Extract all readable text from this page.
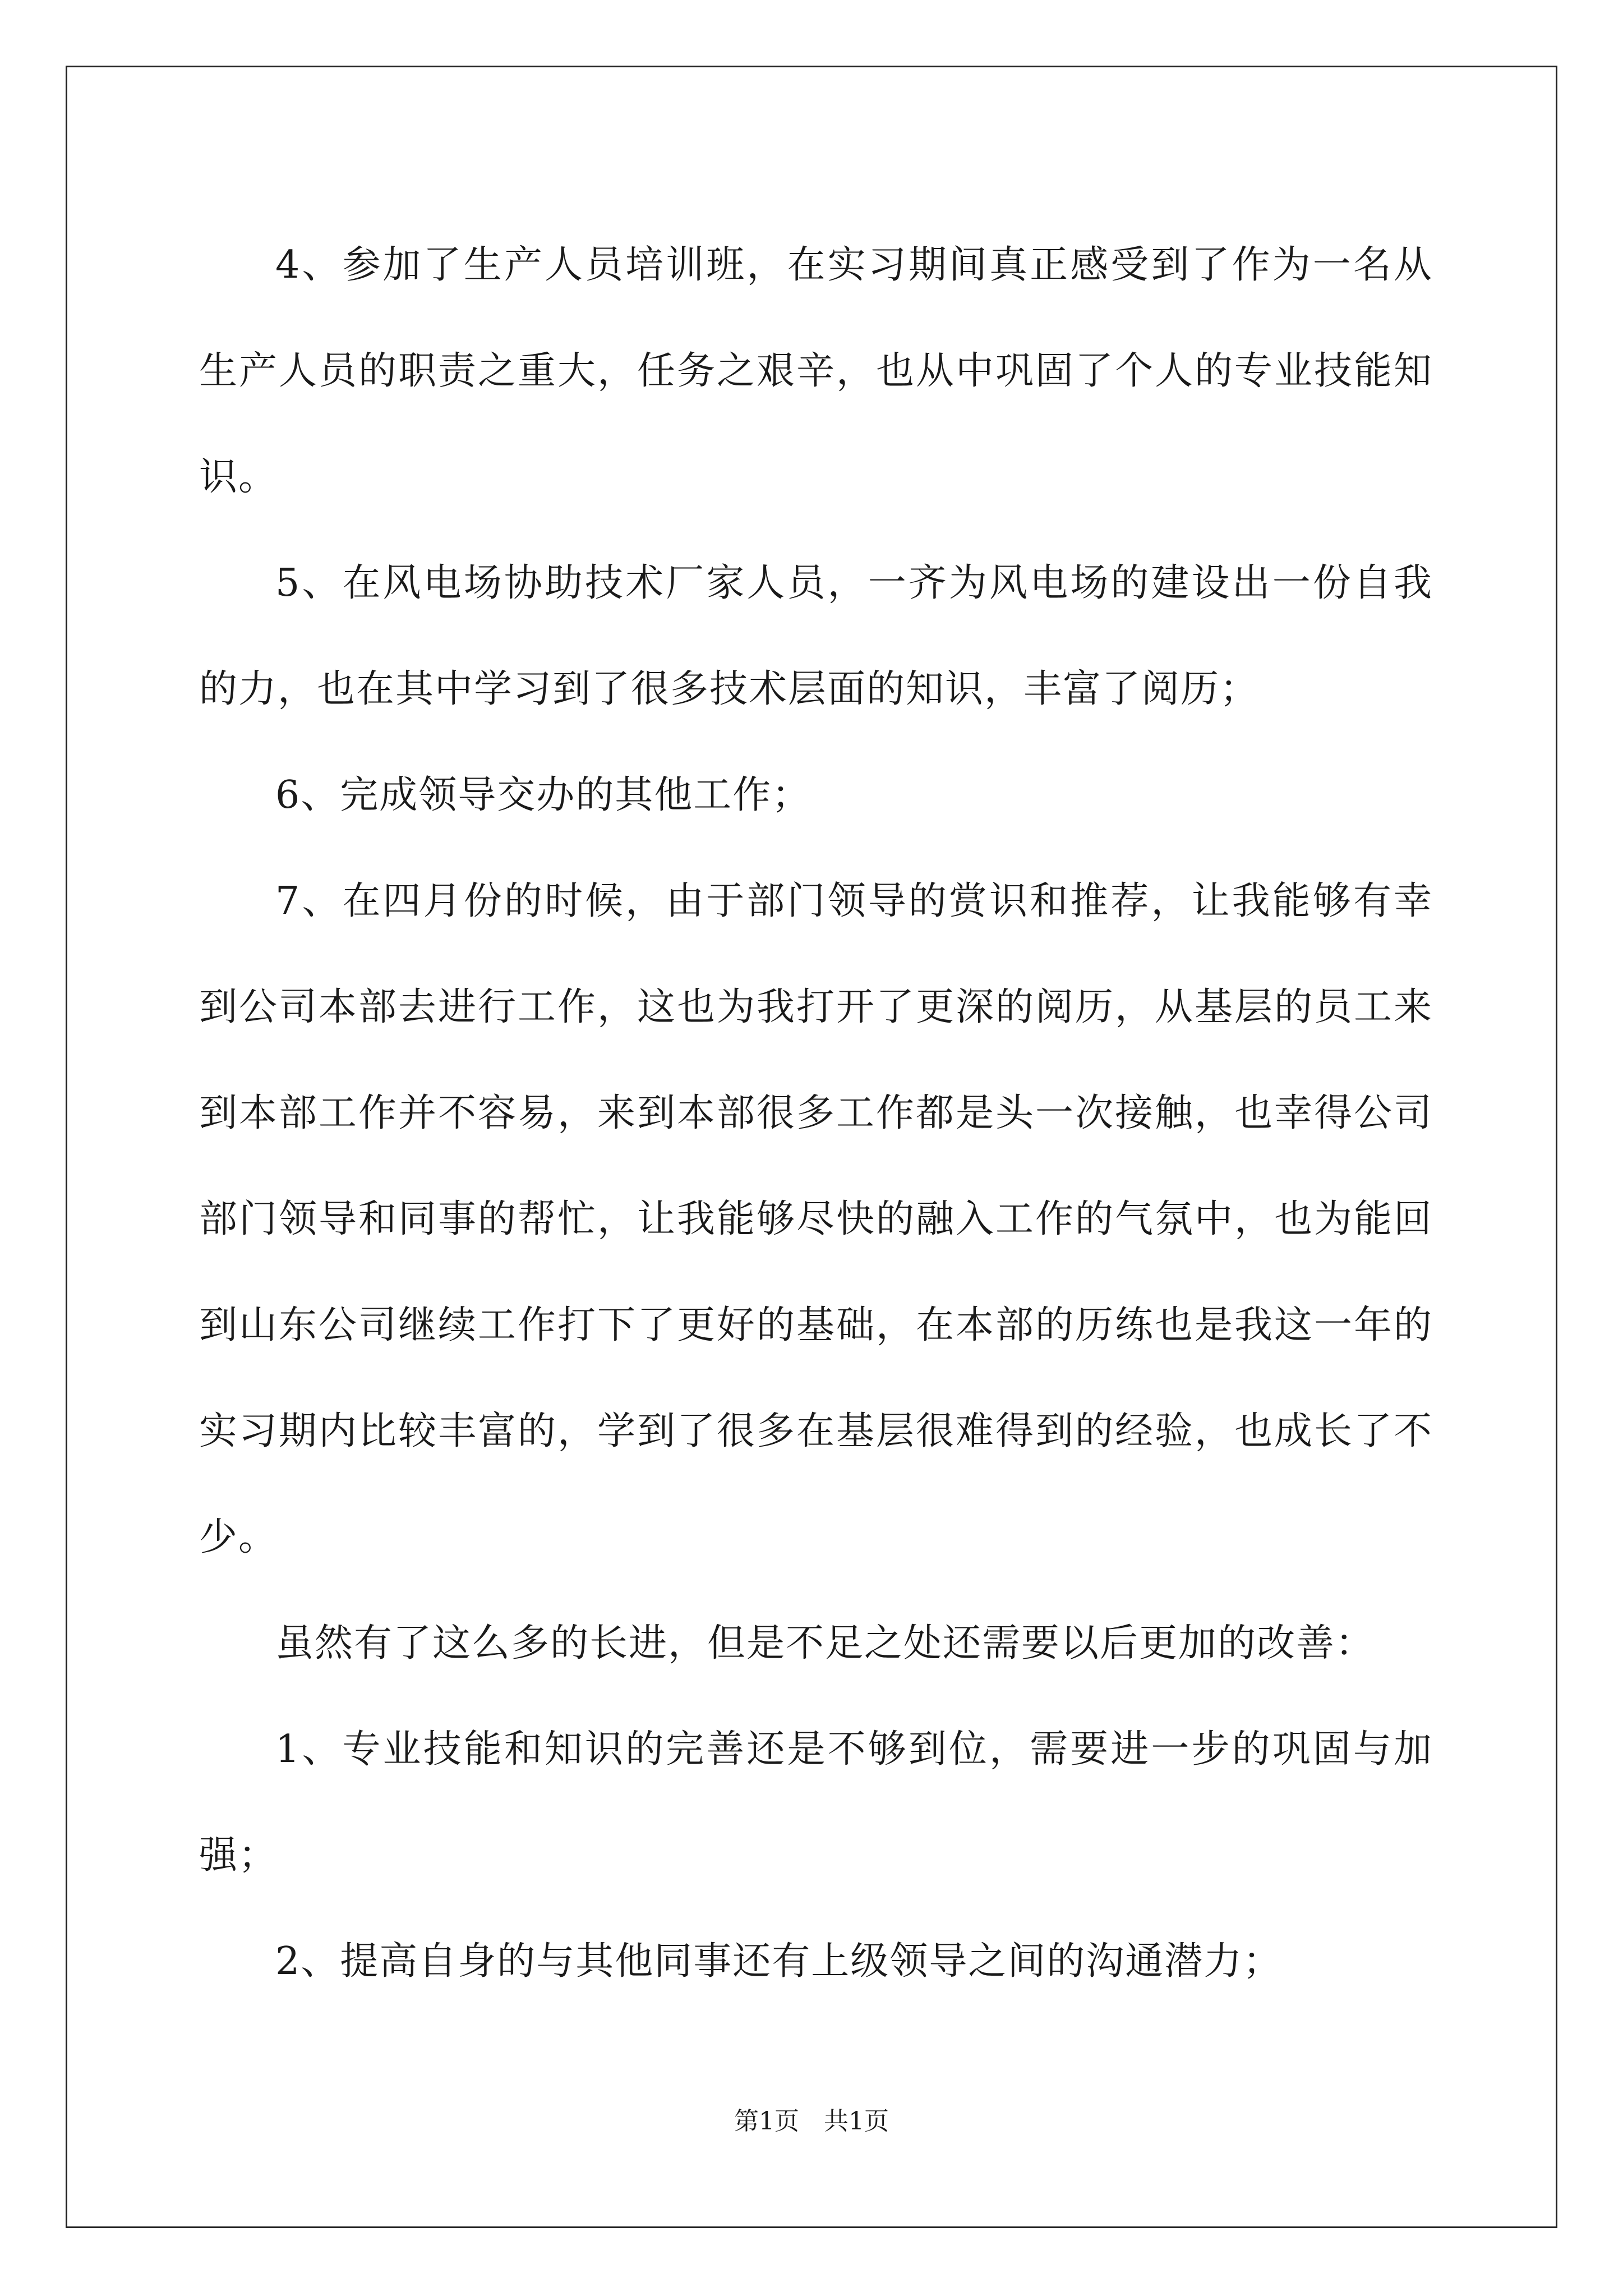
4、参加了生产人员培训班，在实习期间真正感受到了作为一名从生产人员的职责之重大，任务之艰辛，也从中巩固了个人的专业技能知识。

5、在风电场协助技术厂家人员，一齐为风电场的建设出一份自我的力，也在其中学习到了很多技术层面的知识，丰富了阅历；

6、完成领导交办的其他工作；

7、在四月份的时候，由于部门领导的赏识和推荐，让我能够有幸到公司本部去进行工作，这也为我打开了更深的阅历，从基层的员工来到本部工作并不容易，来到本部很多工作都是头一次接触，也幸得公司部门领导和同事的帮忙，让我能够尽快的融入工作的气氛中，也为能回到山东公司继续工作打下了更好的基础，在本部的历练也是我这一年的实习期内比较丰富的，学到了很多在基层很难得到的经验，也成长了不少。

虽然有了这么多的长进，但是不足之处还需要以后更加的改善：

1、专业技能和知识的完善还是不够到位，需要进一步的巩固与加强；

2、提高自身的与其他同事还有上级领导之间的沟通潜力；

第1页 共1页
